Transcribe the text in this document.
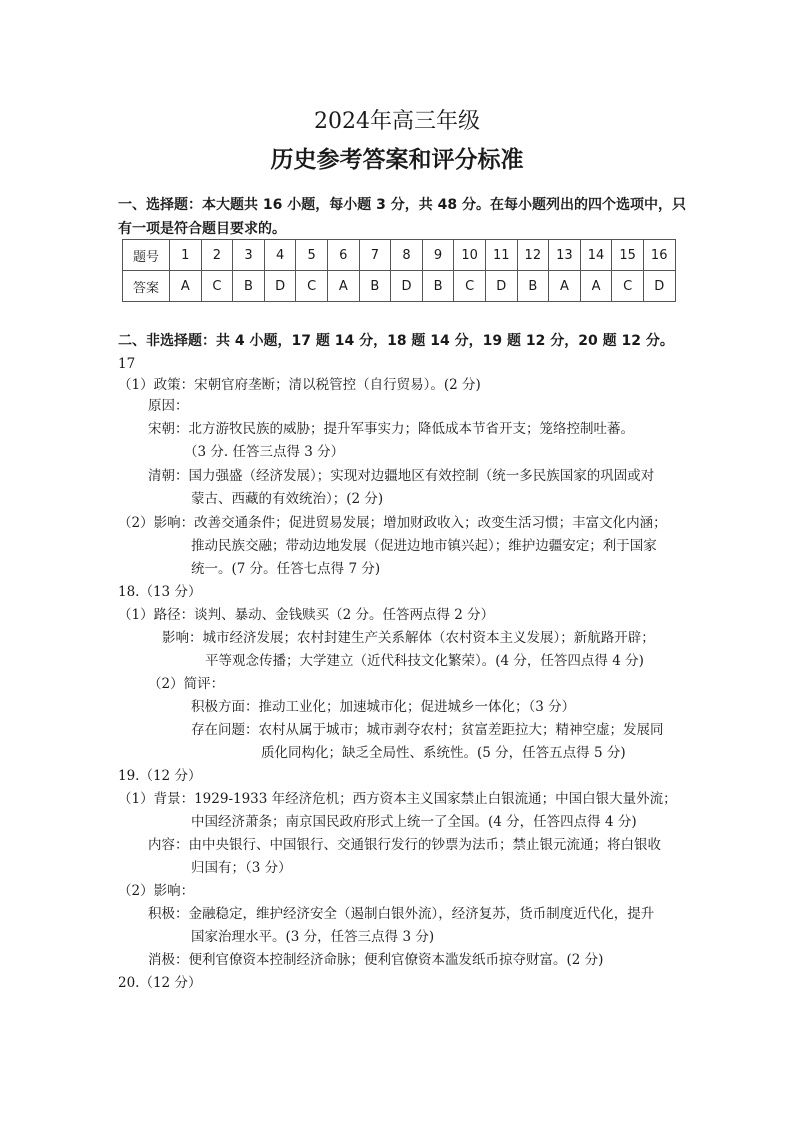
2024年高三年级
历史参考答案和评分标准
一、选择题：本大题共 16 小题，每小题 3 分，共 48 分。在每小题列出的四个选项中，只有一项是符合题目要求的。
题号	1	2	3	4	5	6	7	8	9	10	11	12	13	14	15	16
答案	A	C	B	D	C	A	B	D	B	C	D	B	A	A	C	D
二、非选择题：共 4 小题，17 题 14 分，18 题 14 分，19 题 12 分，20 题 12 分。
17
（1）政策：宋朝官府垄断；清以税管控（自行贸易）。(2 分)
原因：
宋朝：北方游牧民族的威胁；提升军事实力；降低成本节省开支；笼络控制吐蕃。
（3 分. 任答三点得 3 分）
清朝：国力强盛（经济发展）；实现对边疆地区有效控制（统一多民族国家的巩固或对
蒙古、西藏的有效统治）；(2 分)
（2）影响：改善交通条件；促进贸易发展；增加财政收入；改变生活习惯；丰富文化内涵；
推动民族交融；带动边地发展（促进边地市镇兴起）；维护边疆安定；利于国家
统一。(7 分。任答七点得 7 分)
18.（13 分）
（1）路径：谈判、暴动、金钱赎买（2 分。任答两点得 2 分）
影响：城市经济发展；农村封建生产关系解体（农村资本主义发展）；新航路开辟；
平等观念传播；大学建立（近代科技文化繁荣）。(4 分，任答四点得 4 分)
（2）简评：
积极方面：推动工业化；加速城市化；促进城乡一体化；（3 分）
存在问题：农村从属于城市；城市剥夺农村；贫富差距拉大；精神空虚；发展同
质化同构化；缺乏全局性、系统性。(5 分，任答五点得 5 分)
19.（12 分）
（1）背景：1929-1933 年经济危机；西方资本主义国家禁止白银流通；中国白银大量外流；
中国经济萧条；南京国民政府形式上统一了全国。(4 分，任答四点得 4 分)
内容：由中央银行、中国银行、交通银行发行的钞票为法币；禁止银元流通；将白银收
归国有；（3 分）
（2）影响：
积极：金融稳定，维护经济安全（遏制白银外流），经济复苏，货币制度近代化，提升
国家治理水平。(3 分，任答三点得 3 分)
消极：便利官僚资本控制经济命脉；便利官僚资本滥发纸币掠夺财富。(2 分)
20.（12 分）
